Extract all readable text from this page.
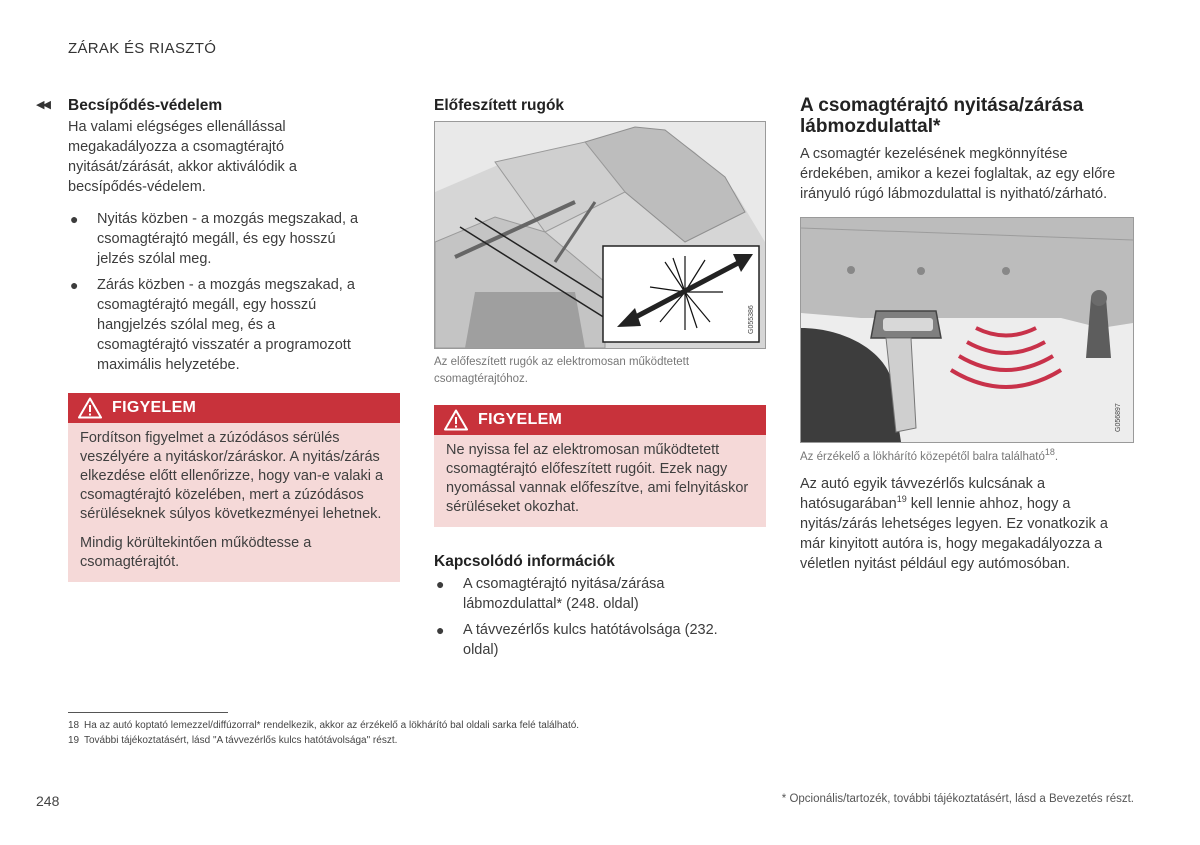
ZÁRAK ÉS RIASZTÓ
◀◀ Becsípődés-védelem
Ha valami elégséges ellenállással megakadályozza a csomagtérajtó nyitását/zárását, akkor aktiválódik a becsípődés-védelem.
● Nyitás közben - a mozgás megszakad, a csomagtérajtó megáll, és egy hosszú jelzés szólal meg.
● Zárás közben - a mozgás megszakad, a csomagtérajtó megáll, egy hosszú hangjelzés szólal meg, és a csomagtérajtó visszatér a programozott maximális helyzetébe.
FIGYELEM

Fordítson figyelmet a zúzódásos sérülés veszélyére a nyitáskor/záráskor. A nyitás/zárás elkezdése előtt ellenőrizze, hogy van-e valaki a csomagtérajtó közelében, mert a zúzódásos sérüléseknek súlyos következményei lehetnek.

Mindig körültekintően működtesse a csomagtérajtót.

Előfeszített rugók
G055386
Az előfeszített rugók az elektromosan működtetett csomagtérajtóhoz.
FIGYELEM

Ne nyissa fel az elektromosan működtetett csomagtérajtó előfeszített rugóit. Ezek nagy nyomással vannak előfeszítve, ami felnyitáskor sérüléseket okozhat.

Kapcsolódó információk
● A csomagtérajtó nyitása/zárása lábmozdulattal* (248. oldal)
● A távvezérlős kulcs hatótávolsága (232. oldal)
A csomagtérajtó nyitása/zárása lábmozdulattal*
A csomagtér kezelésének megkönnyítése érdekében, amikor a kezei foglaltak, az egy előre irányuló rúgó lábmozdulattal is nyitható/zárható.
G056897
Az érzékelő a lökhárító közepétől balra található$^{18}$.
Az autó egyik távvezérlős kulcsának a hatósugarában$^{19}$ kell lennie ahhoz, hogy a nyitás/zárás lehetséges legyen. Ez vonatkozik a már kinyitott autóra is, hogy megakadályozza a véletlen nyitást például egy autómosóban.
18 Ha az autó koptató lemezzel/diffúzorral* rendelkezik, akkor az érzékelő a lökhárító bal oldali sarka felé található.
19 További tájékoztatásért, lásd "A távvezérlős kulcs hatótávolsága" részt.
248	* Opcionális/tartozék, további tájékoztatásért, lásd a Bevezetés részt.
